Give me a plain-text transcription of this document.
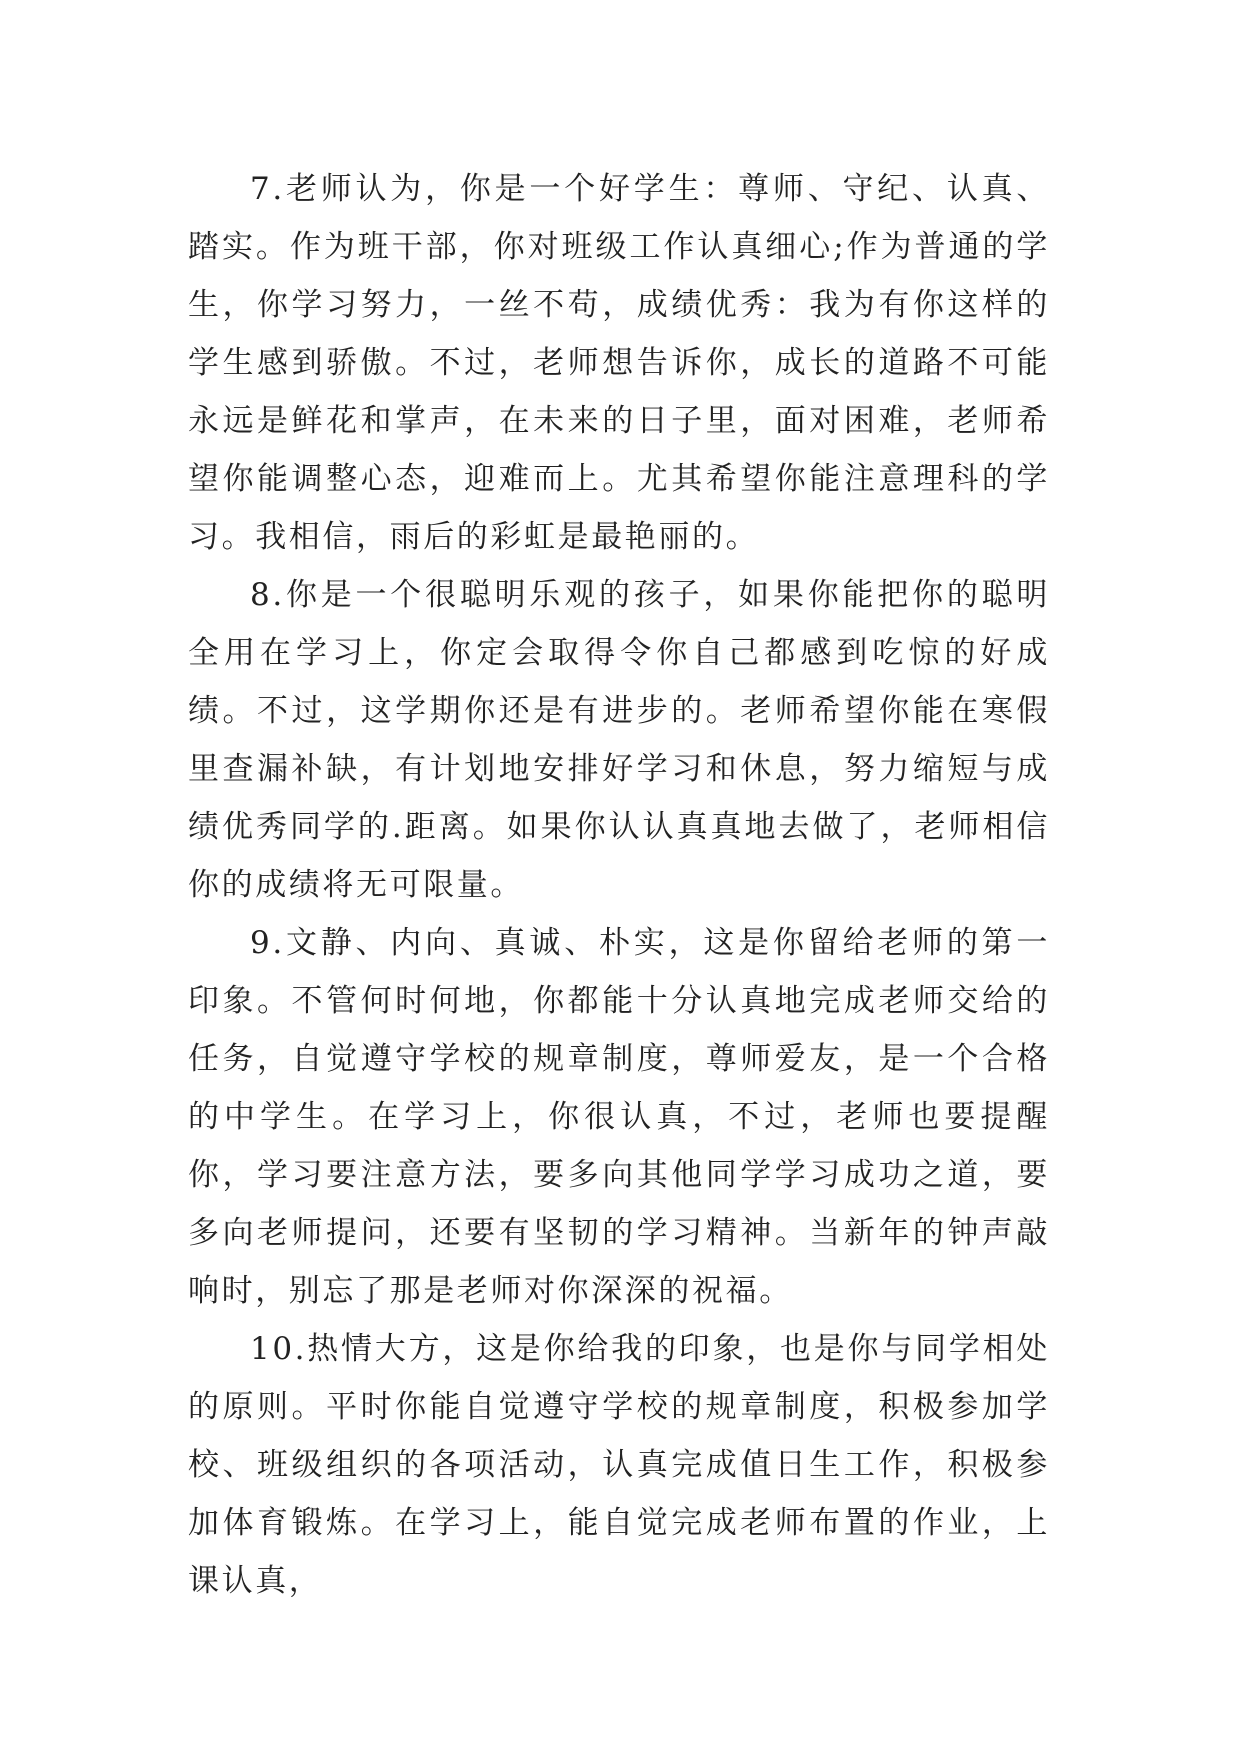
7.老师认为，你是一个好学生：尊师、守纪、认真、踏实。作为班干部，你对班级工作认真细心;作为普通的学生，你学习努力，一丝不苟，成绩优秀：我为有你这样的学生感到骄傲。不过，老师想告诉你，成长的道路不可能永远是鲜花和掌声，在未来的日子里，面对困难，老师希望你能调整心态，迎难而上。尤其希望你能注意理科的学习。我相信，雨后的彩虹是最艳丽的。

8.你是一个很聪明乐观的孩子，如果你能把你的聪明全用在学习上，你定会取得令你自己都感到吃惊的好成绩。不过，这学期你还是有进步的。老师希望你能在寒假里查漏补缺，有计划地安排好学习和休息，努力缩短与成绩优秀同学的.距离。如果你认认真真地去做了，老师相信你的成绩将无可限量。

9.文静、内向、真诚、朴实，这是你留给老师的第一印象。不管何时何地，你都能十分认真地完成老师交给的任务，自觉遵守学校的规章制度，尊师爱友，是一个合格的中学生。在学习上，你很认真，不过，老师也要提醒你，学习要注意方法，要多向其他同学学习成功之道，要多向老师提问，还要有坚韧的学习精神。当新年的钟声敲响时，别忘了那是老师对你深深的祝福。

10.热情大方，这是你给我的印象，也是你与同学相处的原则。平时你能自觉遵守学校的规章制度，积极参加学校、班级组织的各项活动，认真完成值日生工作，积极参加体育锻炼。在学习上，能自觉完成老师布置的作业，上课认真，
